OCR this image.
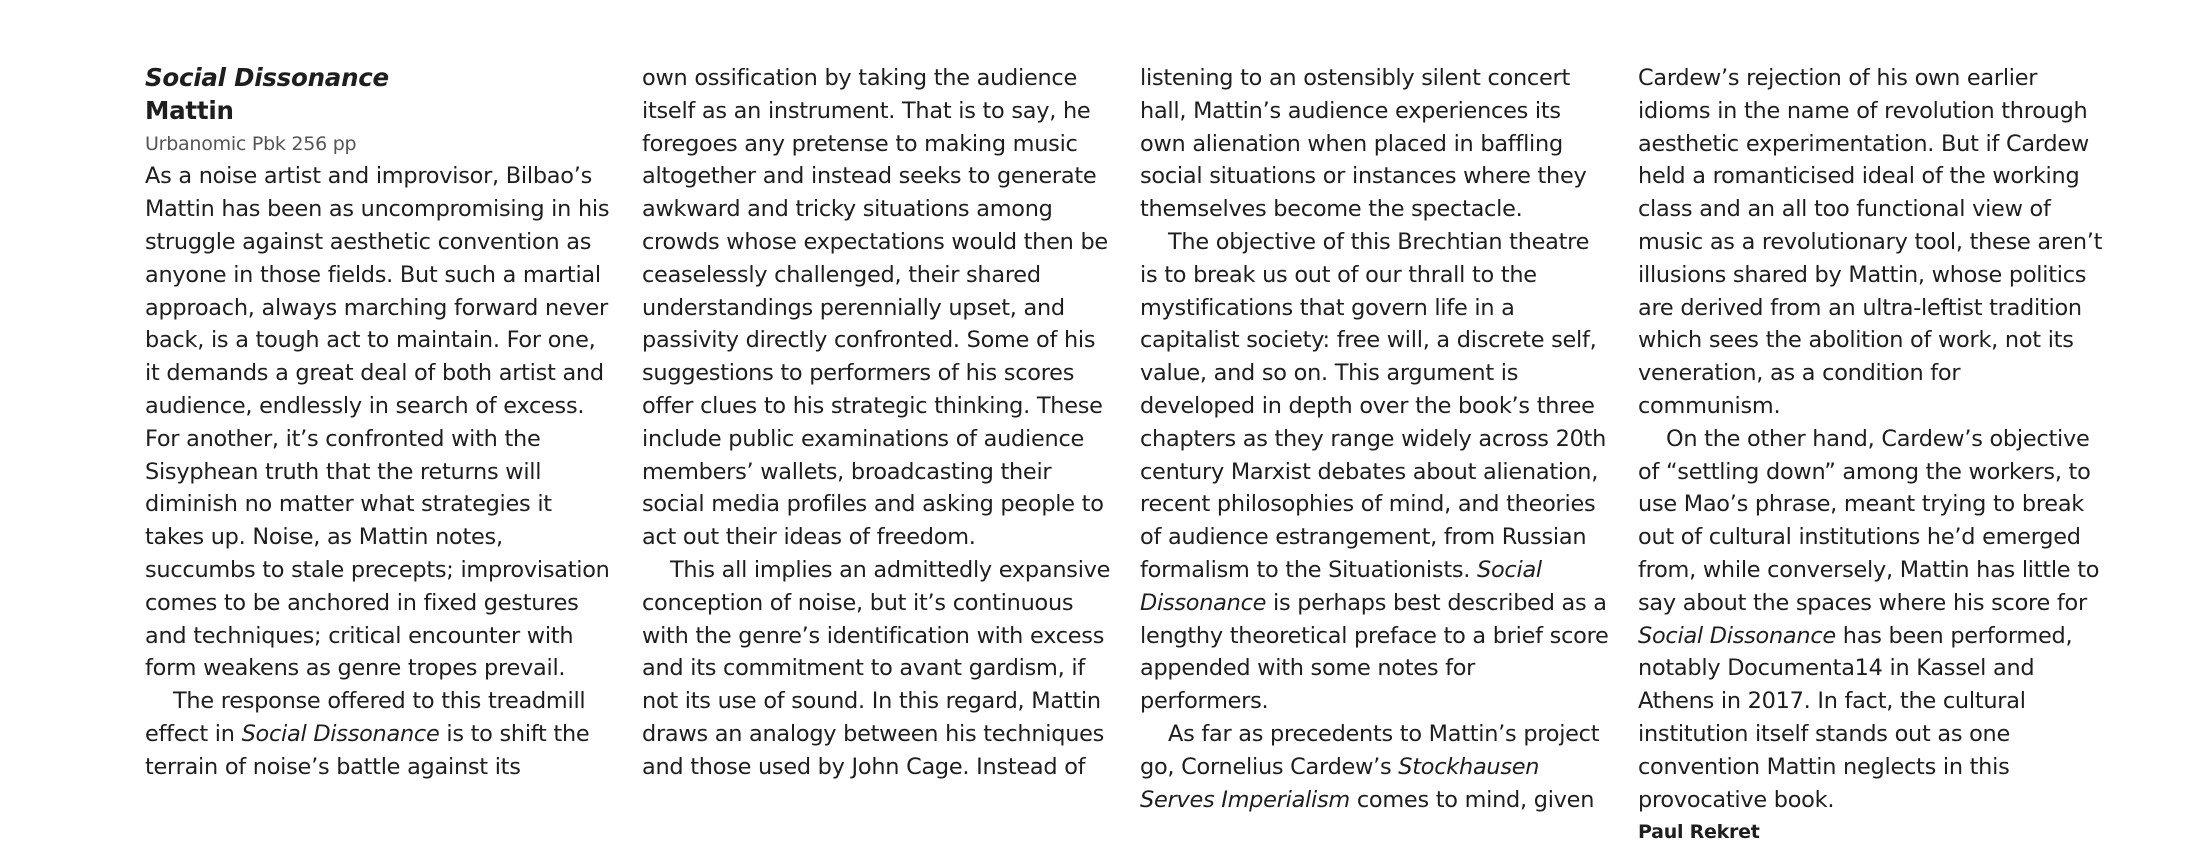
Social Dissonance
Mattin
Urbanomic Pbk 256 pp

As a noise artist and improvisor, Bilbao’s Mattin has been as uncompromising in his struggle against aesthetic convention as anyone in those fields. But such a martial approach, always marching forward never back, is a tough act to maintain. For one, it demands a great deal of both artist and audience, endlessly in search of excess. For another, it’s confronted with the Sisyphean truth that the returns will diminish no matter what strategies it takes up. Noise, as Mattin notes, succumbs to stale precepts; improvisation comes to be anchored in fixed gestures and techniques; critical encounter with form weakens as genre tropes prevail.

The response offered to this treadmill effect in Social Dissonance is to shift the terrain of noise’s battle against its

own ossification by taking the audience itself as an instrument. That is to say, he foregoes any pretense to making music altogether and instead seeks to generate awkward and tricky situations among crowds whose expectations would then be ceaselessly challenged, their shared understandings perennially upset, and passivity directly confronted. Some of his suggestions to performers of his scores offer clues to his strategic thinking. These include public examinations of audience members’ wallets, broadcasting their social media profiles and asking people to act out their ideas of freedom.

This all implies an admittedly expansive conception of noise, but it’s continuous with the genre’s identification with excess and its commitment to avant gardism, if not its use of sound. In this regard, Mattin draws an analogy between his techniques and those used by John Cage. Instead of

listening to an ostensibly silent concert hall, Mattin’s audience experiences its own alienation when placed in baffling social situations or instances where they themselves become the spectacle.

The objective of this Brechtian theatre is to break us out of our thrall to the mystifications that govern life in a capitalist society: free will, a discrete self, value, and so on. This argument is developed in depth over the book’s three chapters as they range widely across 20th century Marxist debates about alienation, recent philosophies of mind, and theories of audience estrangement, from Russian formalism to the Situationists. Social Dissonance is perhaps best described as a lengthy theoretical preface to a brief score appended with some notes for performers.

As far as precedents to Mattin’s project go, Cornelius Cardew’s Stockhausen Serves Imperialism comes to mind, given

Cardew’s rejection of his own earlier idioms in the name of revolution through aesthetic experimentation. But if Cardew held a romanticised ideal of the working class and an all too functional view of music as a revolutionary tool, these aren’t illusions shared by Mattin, whose politics are derived from an ultra-leftist tradition which sees the abolition of work, not its veneration, as a condition for communism.

On the other hand, Cardew’s objective of “settling down” among the workers, to use Mao’s phrase, meant trying to break out of cultural institutions he’d emerged from, while conversely, Mattin has little to say about the spaces where his score for Social Dissonance has been performed, notably Documenta14 in Kassel and Athens in 2017. In fact, the cultural institution itself stands out as one convention Mattin neglects in this provocative book.

Paul Rekret
